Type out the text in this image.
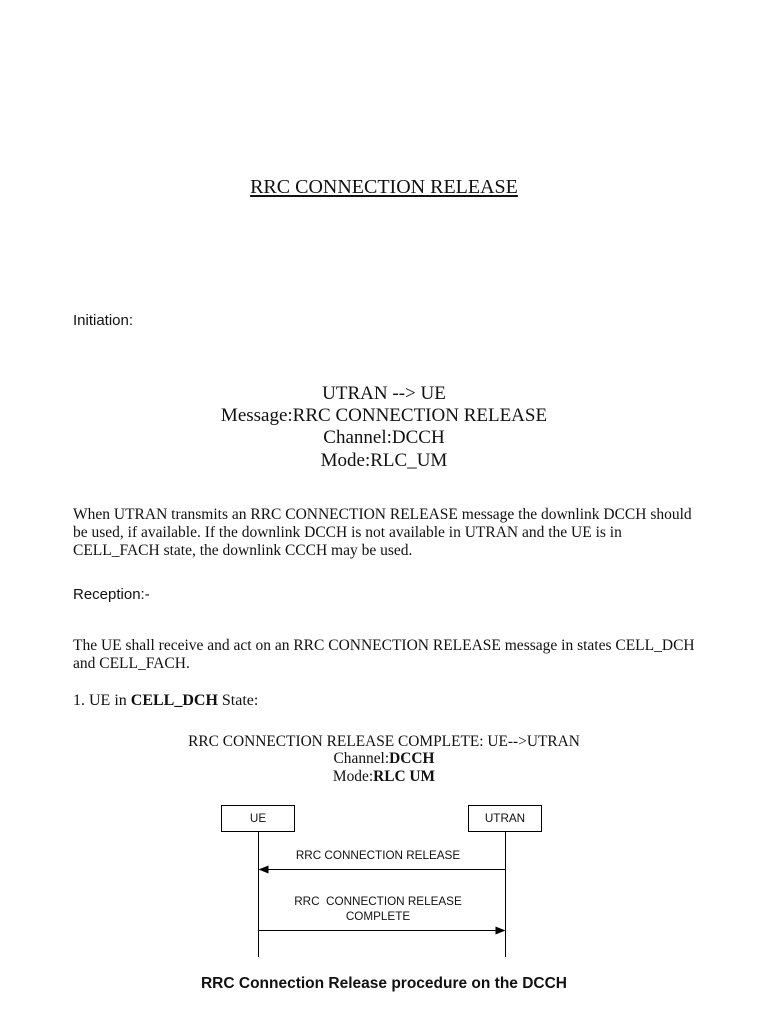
RRC CONNECTION RELEASE
Initiation:
UTRAN --> UE
Message:RRC CONNECTION RELEASE
Channel:DCCH
Mode:RLC_UM
When UTRAN transmits an RRC CONNECTION RELEASE message the downlink DCCH should
be used, if available. If the downlink DCCH is not available in UTRAN and the UE is in
CELL_FACH state, the downlink CCCH may be used.
Reception:-
The UE shall receive and act on an RRC CONNECTION RELEASE message in states CELL_DCH
and CELL_FACH.
1. UE in CELL_DCH State:
RRC CONNECTION RELEASE COMPLETE: UE-->UTRAN
Channel:DCCH
Mode:RLC UM
UE	UTRAN
RRC CONNECTION RELEASE
RRC  CONNECTION RELEASE
COMPLETE
RRC Connection Release procedure on the DCCH
